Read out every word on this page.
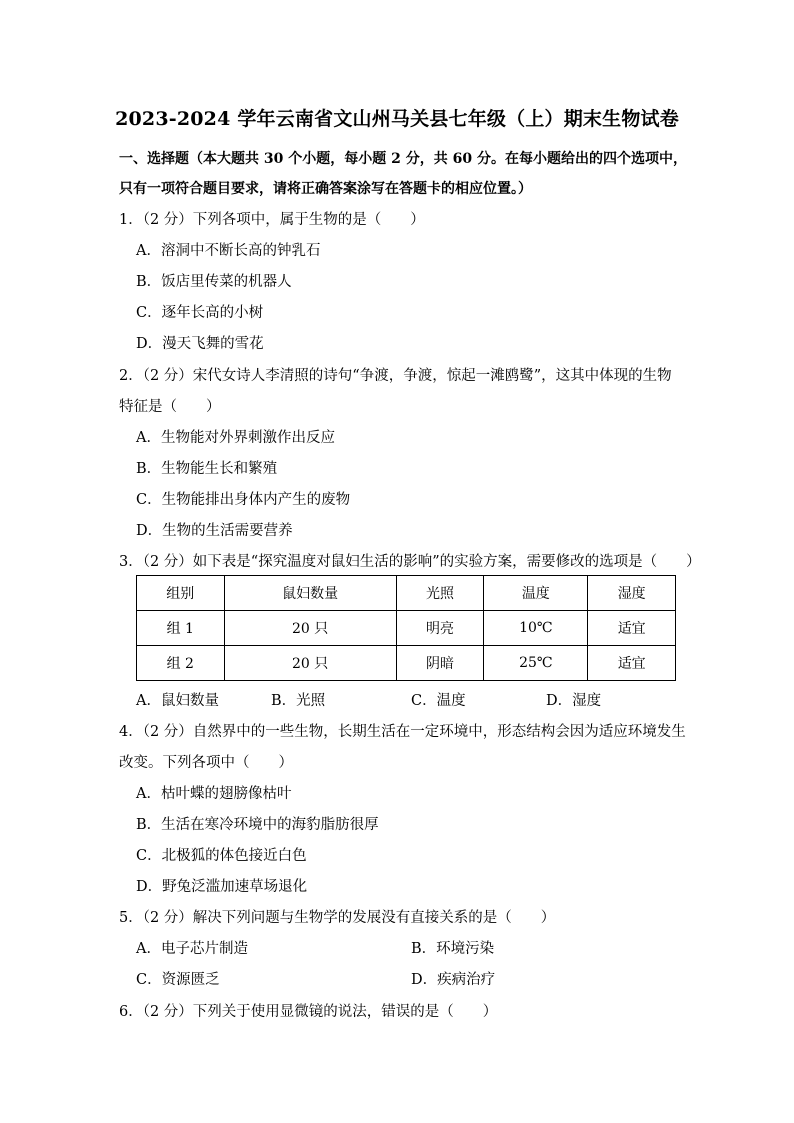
2023-2024 学年云南省文山州马关县七年级（上）期末生物试卷
一、选择题（本大题共 30 个小题，每小题 2 分，共 60 分。在每小题给出的四个选项中，
只有一项符合题目要求，请将正确答案涂写在答题卡的相应位置。）
1．（2 分）下列各项中，属于生物的是（　　）
A．溶洞中不断长高的钟乳石
B．饭店里传菜的机器人
C．逐年长高的小树
D．漫天飞舞的雪花
2．（2 分）宋代女诗人李清照的诗句“争渡，争渡，惊起一滩鸥鹭”，这其中体现的生物
特征是（　　）
A．生物能对外界刺激作出反应
B．生物能生长和繁殖
C．生物能排出身体内产生的废物
D．生物的生活需要营养
3．（2 分）如下表是“探究温度对鼠妇生活的影响”的实验方案，需要修改的选项是（　　）
组别	鼠妇数量	光照	温度	湿度
组 1	20 只	明亮	10℃	适宜
组 2	20 只	阴暗	25℃	适宜
A．鼠妇数量	B．光照	C．温度	D．湿度
4．（2 分）自然界中的一些生物，长期生活在一定环境中，形态结构会因为适应环境发生
改变。下列各项中（　　）
A．枯叶蝶的翅膀像枯叶
B．生活在寒冷环境中的海豹脂肪很厚
C．北极狐的体色接近白色
D．野兔泛滥加速草场退化
5．（2 分）解决下列问题与生物学的发展没有直接关系的是（　　）
A．电子芯片制造	B．环境污染
C．资源匮乏	D．疾病治疗
6．（2 分）下列关于使用显微镜的说法，错误的是（　　）
